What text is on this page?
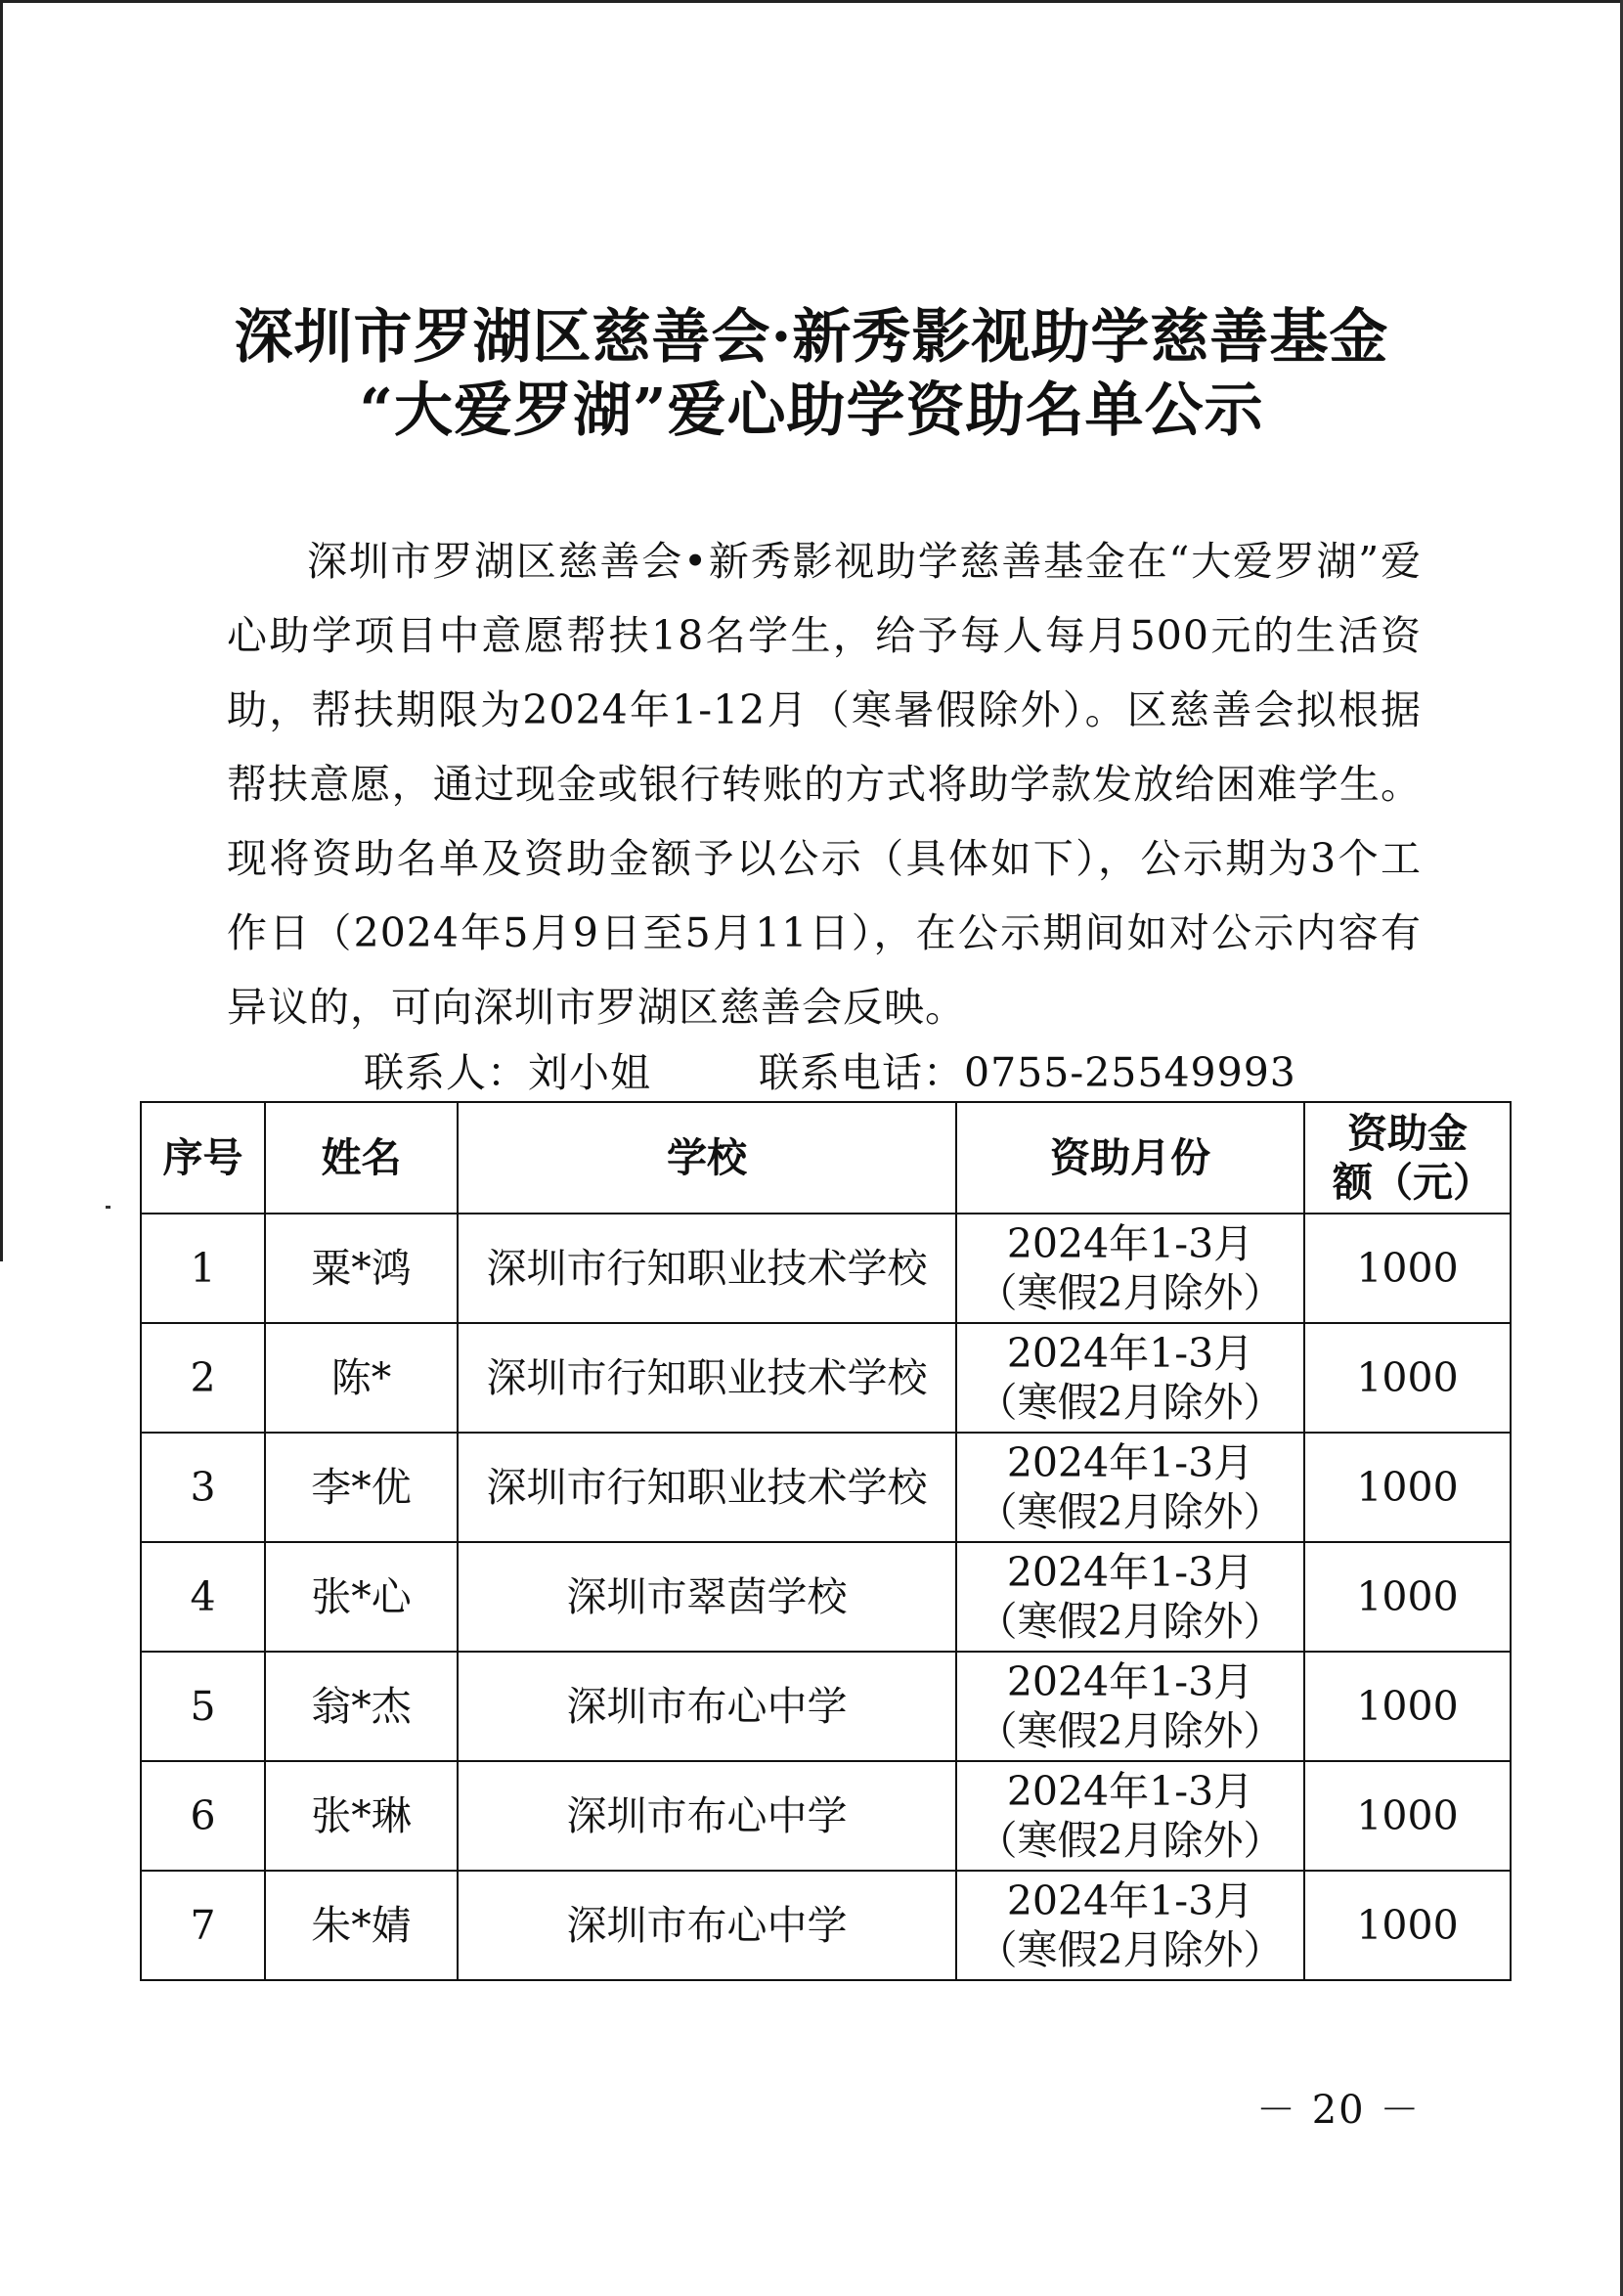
深圳市罗湖区慈善会·新秀影视助学慈善基金
“大爱罗湖”爱心助学资助名单公示

深圳市罗湖区慈善会•新秀影视助学慈善基金在“大爱罗湖”爱心助学项目中意愿帮扶18名学生，给予每人每月500元的生活资助，帮扶期限为2024年1-12月（寒暑假除外）。区慈善会拟根据帮扶意愿，通过现金或银行转账的方式将助学款发放给困难学生。现将资助名单及资助金额予以公示（具体如下），公示期为3个工作日（2024年5月9日至5月11日），在公示期间如对公示内容有异议的，可向深圳市罗湖区慈善会反映。

联系人：刘小姐	联系电话：0755-25549993
序号	姓名	学校	资助月份	资助金额（元）
1	粟*鸿	深圳市行知职业技术学校	2024年1-3月（寒假2月除外）	1000
2	陈*	深圳市行知职业技术学校	2024年1-3月（寒假2月除外）	1000
3	李*优	深圳市行知职业技术学校	2024年1-3月（寒假2月除外）	1000
4	张*心	深圳市翠茵学校	2024年1-3月（寒假2月除外）	1000
5	翁*杰	深圳市布心中学	2024年1-3月（寒假2月除外）	1000
6	张*琳	深圳市布心中学	2024年1-3月（寒假2月除外）	1000
7	朱*婧	深圳市布心中学	2024年1-3月（寒假2月除外）	1000
－ 20 －
